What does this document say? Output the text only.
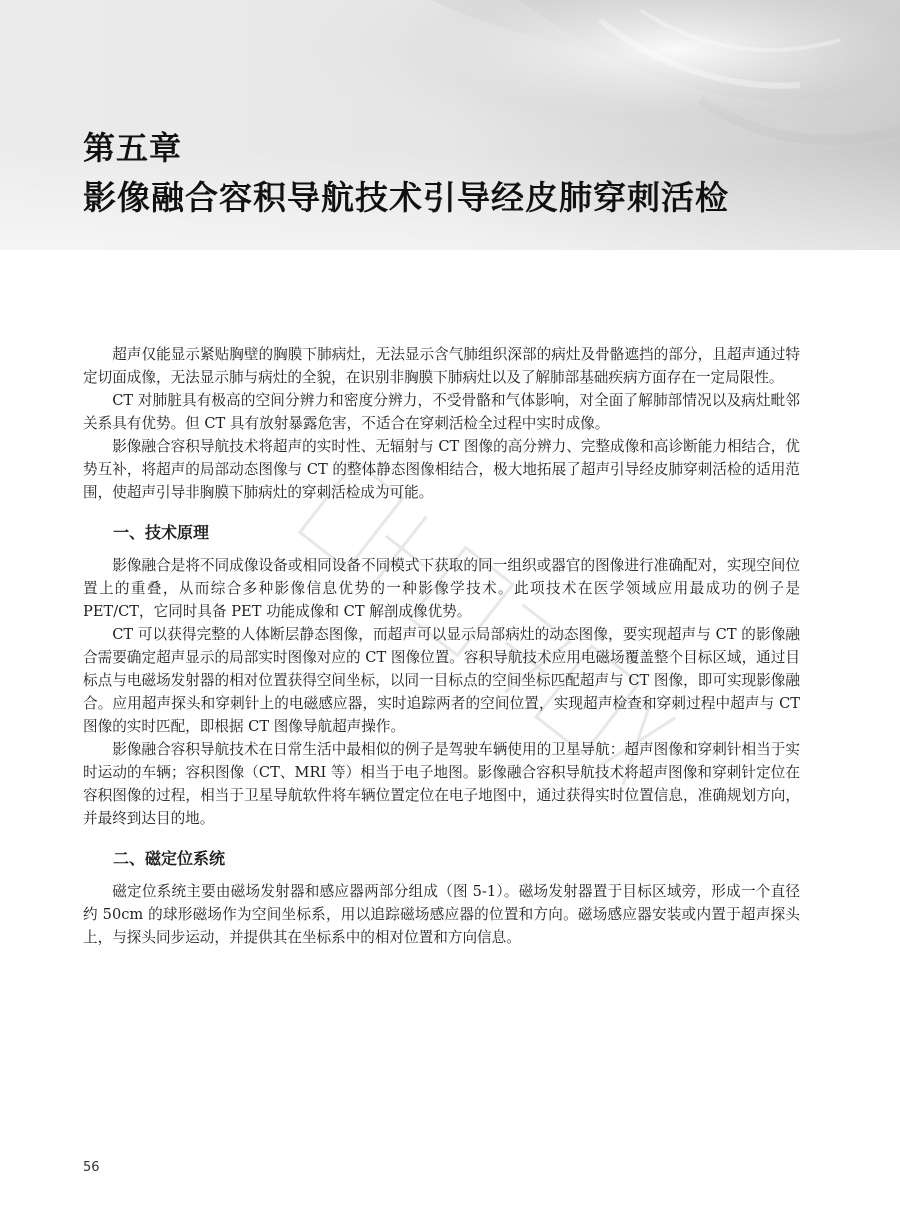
第五章
影像融合容积导航技术引导经皮肺穿刺活检

超声仅能显示紧贴胸壁的胸膜下肺病灶，无法显示含气肺组织深部的病灶及骨骼遮挡的部分，且超声通过特定切面成像，无法显示肺与病灶的全貌，在识别非胸膜下肺病灶以及了解肺部基础疾病方面存在一定局限性。

CT 对肺脏具有极高的空间分辨力和密度分辨力，不受骨骼和气体影响，对全面了解肺部情况以及病灶毗邻关系具有优势。但 CT 具有放射暴露危害，不适合在穿刺活检全过程中实时成像。

影像融合容积导航技术将超声的实时性、无辐射与 CT 图像的高分辨力、完整成像和高诊断能力相结合，优势互补，将超声的局部动态图像与 CT 的整体静态图像相结合，极大地拓展了超声引导经皮肺穿刺活检的适用范围，使超声引导非胸膜下肺病灶的穿刺活检成为可能。

一、技术原理

影像融合是将不同成像设备或相同设备不同模式下获取的同一组织或器官的图像进行准确配对，实现空间位置上的重叠，从而综合多种影像信息优势的一种影像学技术。此项技术在医学领域应用最成功的例子是 PET/CT，它同时具备 PET 功能成像和 CT 解剖成像优势。

CT 可以获得完整的人体断层静态图像，而超声可以显示局部病灶的动态图像，要实现超声与 CT 的影像融合需要确定超声显示的局部实时图像对应的 CT 图像位置。容积导航技术应用电磁场覆盖整个目标区域，通过目标点与电磁场发射器的相对位置获得空间坐标，以同一目标点的空间坐标匹配超声与 CT 图像，即可实现影像融合。应用超声探头和穿刺针上的电磁感应器，实时追踪两者的空间位置，实现超声检查和穿刺过程中超声与 CT 图像的实时匹配，即根据 CT 图像导航超声操作。

影像融合容积导航技术在日常生活中最相似的例子是驾驶车辆使用的卫星导航：超声图像和穿刺针相当于实时运动的车辆；容积图像（CT、MRI 等）相当于电子地图。影像融合容积导航技术将超声图像和穿刺针定位在容积图像的过程，相当于卫星导航软件将车辆位置定位在电子地图中，通过获得实时位置信息，准确规划方向，并最终到达目的地。

二、磁定位系统

磁定位系统主要由磁场发射器和感应器两部分组成（图 5-1）。磁场发射器置于目标区域旁，形成一个直径约 50cm 的球形磁场作为空间坐标系，用以追踪磁场感应器的位置和方向。磁场感应器安装或内置于超声探头上，与探头同步运动，并提供其在坐标系中的相对位置和方向信息。

56
